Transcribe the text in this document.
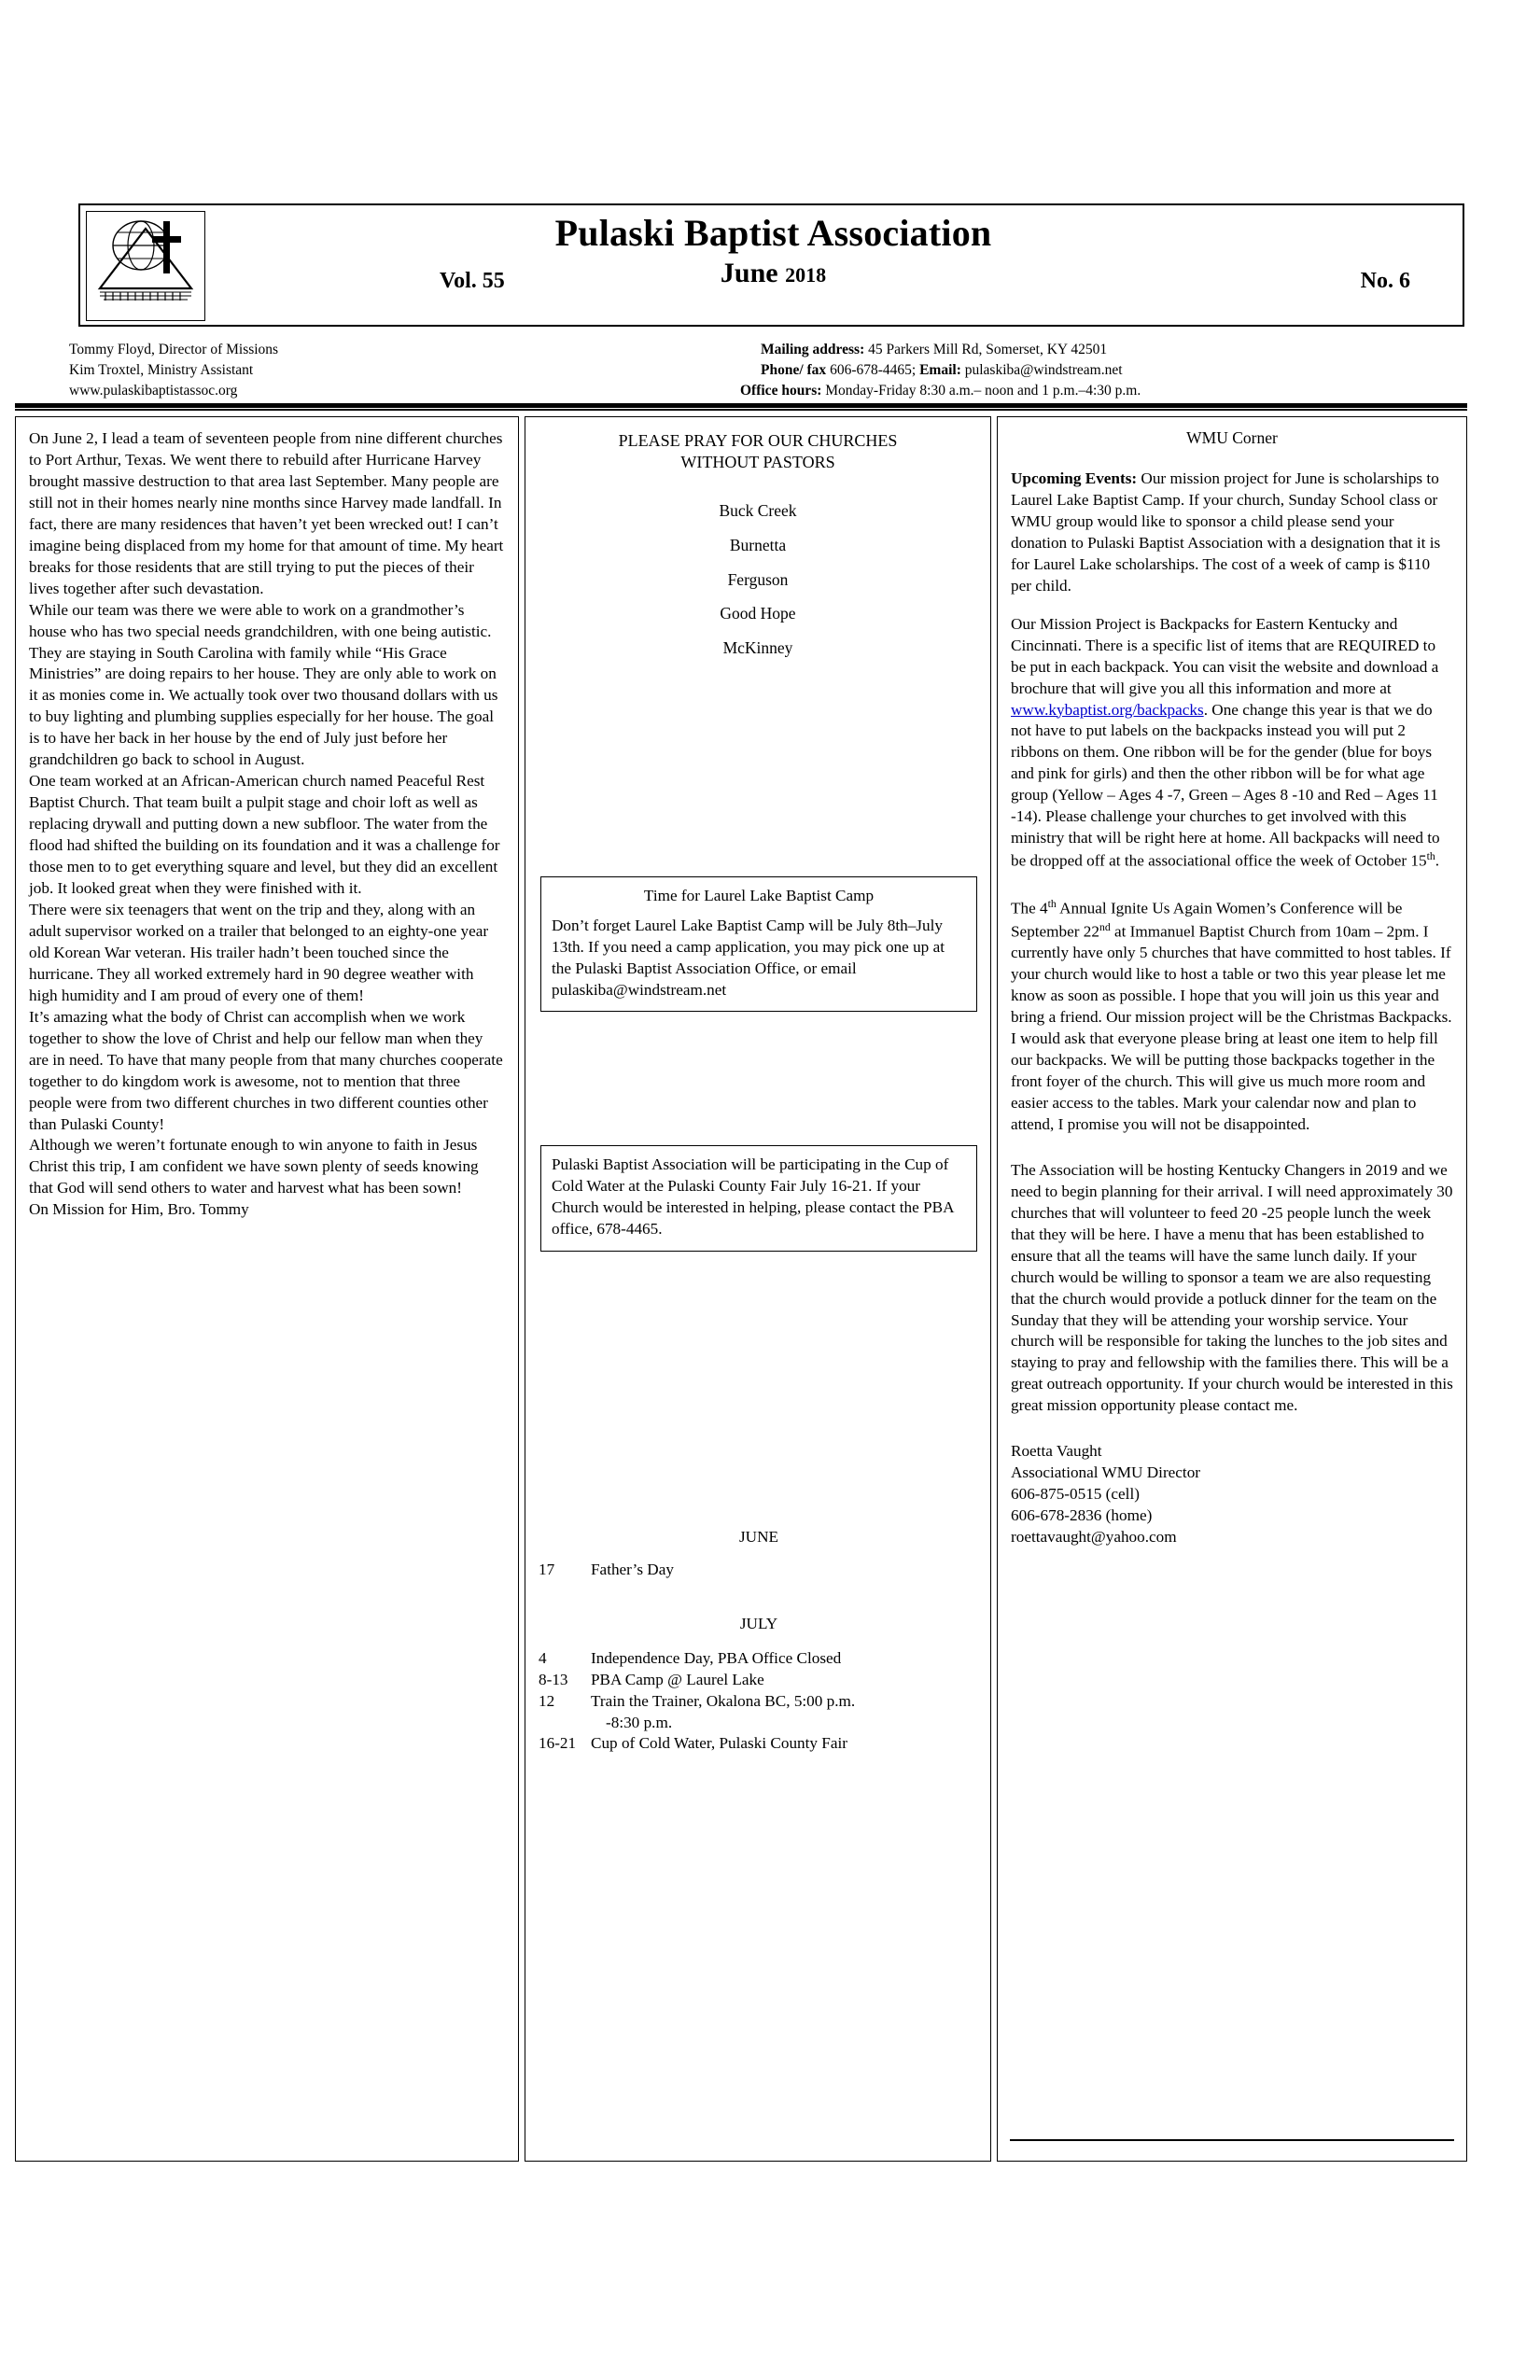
Pulaski Baptist Association
June 2018
Vol. 55	No. 6
Tommy Floyd, Director of Missions
Kim Troxtel, Ministry Assistant
www.pulaskibaptistassoc.org
Mailing address: 45 Parkers Mill Rd, Somerset, KY 42501
Phone/ fax 606-678-4465; Email: pulaskiba@windstream.net
Office hours: Monday-Friday 8:30 a.m.– noon and 1 p.m.–4:30 p.m.

On June 2, I lead a team of seventeen people from nine different churches to Port Arthur, Texas. We went there to rebuild after Hurricane Harvey brought massive destruction to that area last September. Many people are still not in their homes nearly nine months since Harvey made landfall. In fact, there are many residences that haven’t yet been wrecked out! I can’t imagine being displaced from my home for that amount of time. My heart breaks for those residents that are still trying to put the pieces of their lives together after such devastation.

While our team was there we were able to work on a grandmother’s house who has two special needs grandchildren, with one being autistic. They are staying in South Carolina with family while “His Grace Ministries” are doing repairs to her house. They are only able to work on it as monies come in. We actually took over two thousand dollars with us to buy lighting and plumbing supplies especially for her house. The goal is to have her back in her house by the end of July just before her grandchildren go back to school in August.

One team worked at an African-American church named Peaceful Rest Baptist Church. That team built a pulpit stage and choir loft as well as replacing drywall and putting down a new subfloor. The water from the flood had shifted the building on its foundation and it was a challenge for those men to to get everything square and level, but they did an excellent job. It looked great when they were finished with it.

There were six teenagers that went on the trip and they, along with an adult supervisor worked on a trailer that belonged to an eighty-one year old Korean War veteran. His trailer hadn’t been touched since the hurricane. They all worked extremely hard in 90 degree weather with high humidity and I am proud of every one of them!

It’s amazing what the body of Christ can accomplish when we work together to show the love of Christ and help our fellow man when they are in need. To have that many people from that many churches cooperate together to do kingdom work is awesome, not to mention that three people were from two different churches in two different counties other than Pulaski County!

Although we weren’t fortunate enough to win anyone to faith in Jesus Christ this trip, I am confident we have sown plenty of seeds knowing that God will send others to water and harvest what has been sown!

On Mission for Him, Bro. Tommy

PLEASE PRAY FOR OUR CHURCHES
WITHOUT PASTORS
Buck Creek
Burnetta
Ferguson
Good Hope
McKinney
Time for Laurel Lake Baptist Camp
Don’t forget Laurel Lake Baptist Camp will be July 8th–July 13th. If you need a camp application, you may pick one up at the Pulaski Baptist Association Office, or email pulaskiba@windstream.net
Pulaski Baptist Association will be participating in the Cup of Cold Water at the Pulaski County Fair July 16-21. If your Church would be interested in helping, please contact the PBA office, 678-4465.
JUNE
17	Father’s Day
JULY
4	Independence Day, PBA Office Closed
8-13	PBA Camp @ Laurel Lake
12	Train the Trainer, Okalona BC, 5:00 p.m.
-8:30 p.m.
16-21 Cup of Cold Water, Pulaski County Fair
WMU Corner

Upcoming Events: Our mission project for June is scholarships to Laurel Lake Baptist Camp. If your church, Sunday School class or WMU group would like to sponsor a child please send your donation to Pulaski Baptist Association with a designation that it is for Laurel Lake scholarships. The cost of a week of camp is $110 per child.

Our Mission Project is Backpacks for Eastern Kentucky and Cincinnati. There is a specific list of items that are REQUIRED to be put in each backpack. You can visit the website and download a brochure that will give you all this information and more at www.kybaptist.org/backpacks. One change this year is that we do not have to put labels on the backpacks instead you will put 2 ribbons on them. One ribbon will be for the gender (blue for boys and pink for girls) and then the other ribbon will be for what age group (Yellow – Ages 4 -7, Green – Ages 8 -10 and Red – Ages 11 -14). Please challenge your churches to get involved with this ministry that will be right here at home. All backpacks will need to be dropped off at the associational office the week of October 15th.

The 4th Annual Ignite Us Again Women’s Conference will be September 22nd at Immanuel Baptist Church from 10am – 2pm. I currently have only 5 churches that have committed to host tables. If your church would like to host a table or two this year please let me know as soon as possible. I hope that you will join us this year and bring a friend. Our mission project will be the Christmas Backpacks. I would ask that everyone please bring at least one item to help fill our backpacks. We will be putting those backpacks together in the front foyer of the church. This will give us much more room and easier access to the tables. Mark your calendar now and plan to attend, I promise you will not be disappointed.

The Association will be hosting Kentucky Changers in 2019 and we need to begin planning for their arrival. I will need approximately 30 churches that will volunteer to feed 20 -25 people lunch the week that they will be here. I have a menu that has been established to ensure that all the teams will have the same lunch daily. If your church would be willing to sponsor a team we are also requesting that the church would provide a potluck dinner for the team on the Sunday that they will be attending your worship service. Your church will be responsible for taking the lunches to the job sites and staying to pray and fellowship with the families there. This will be a great outreach opportunity. If your church would be interested in this great mission opportunity please contact me.

Roetta Vaught
Associational WMU Director
606-875-0515 (cell)
606-678-2836 (home)
roettavaught@yahoo.com
